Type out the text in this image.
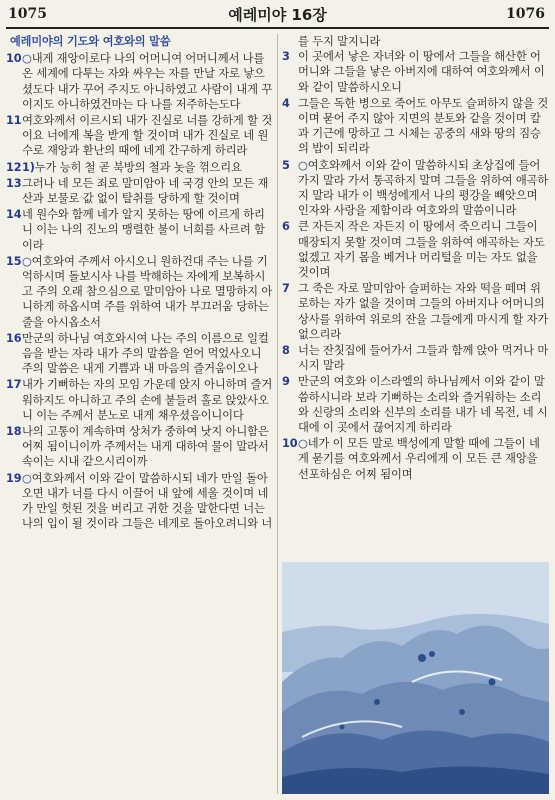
1075	예레미야 16장	1076
예레미야의 기도와 여호와의 말씀
10 ○내게 재앙이로다 나의 어머니여 어머니께서 나를 온 세계에 다투는 자와 싸우는 자를 만날 자로 낳으셨도다 내가 꾸어 주지도 아니하였고 사람이 내게 꾸이지도 아니하였건마는 다 나를 저주하는도다
11 여호와께서 이르시되 내가 진실로 너를 강하게 할 것이요 너에게 복을 받게 할 것이며 내가 진실로 네 원수로 재앙과 환난의 때에 네게 간구하게 하리라
12 1)누가 능히 철 곧 북방의 철과 놋을 꺾으리요
13 그러나 네 모든 죄로 말미암아 네 국경 안의 모든 재산과 보물로 값 없이 탈취를 당하게 할 것이며
14 네 원수와 함께 네가 알지 못하는 땅에 이르게 하리니 이는 나의 진노의 맹렬한 불이 너희를 사르려 함이라
15 ○여호와여 주께서 아시오니 원하건대 주는 나를 기억하시며 돌보시사 나를 박해하는 자에게 보복하시고 주의 오래 참으심으로 말미암아 나로 멸망하지 아니하게 하옵시며 주를 위하여 내가 부끄러움 당하는 줄을 아시옵소서
16 만군의 하나님 여호와시여 나는 주의 이름으로 일컬음을 받는 자라 내가 주의 말씀을 얻어 먹었사오니 주의 말씀은 내게 기쁨과 내 마음의 즐거움이오나
17 내가 기뻐하는 자의 모임 가운데 앉지 아니하며 즐거워하지도 아니하고 주의 손에 붙들려 홀로 앉았사오니 이는 주께서 분노로 내게 채우셨음이니이다
18 나의 고통이 계속하며 상처가 중하여 낫지 아니함은 어찌 됨이니이까 주께서는 내게 대하여 물이 말라서 속이는 시내 같으시리이까
19 ○여호와께서 이와 같이 말씀하시되 네가 만일 돌아오면 내가 너를 다시 이끌어 내 앞에 세울 것이며 네가 만일 헛된 것을 버리고 귀한 것을 말한다면 너는 나의 입이 될 것이라 그들은 네게로 돌아오려니와 너
를 두지 말지니라
3 이 곳에서 낳은 자녀와 이 땅에서 그들을 해산한 어머니와 그들을 낳은 아버지에 대하여 여호와께서 이와 같이 말씀하시오니
4 그들은 독한 병으로 죽어도 아무도 슬퍼하지 않을 것이며 묻어 주지 않아 지면의 분토와 같을 것이며 칼과 기근에 망하고 그 시체는 공중의 새와 땅의 짐승의 밥이 되리라
5 ○여호와께서 이와 같이 말씀하시되 초상집에 들어가지 말라 가서 통곡하지 말며 그들을 위하여 애곡하지 말라 내가 이 백성에게서 나의 평강을 빼앗으며 인자와 사랑을 제함이라 여호와의 말씀이니라
6 큰 자든지 작은 자든지 이 땅에서 죽으리니 그들이 매장되지 못할 것이며 그들을 위하여 애곡하는 자도 없겠고 자기 몸을 베거나 머리털을 미는 자도 없을 것이며
7 그 죽은 자로 말미암아 슬퍼하는 자와 떡을 떼며 위로하는 자가 없을 것이며 그들의 아버지나 어머니의 상사를 위하여 위로의 잔을 그들에게 마시게 할 자가 없으리라
8 너는 잔칫집에 들어가서 그들과 함께 앉아 먹거나 마시지 말라
9 만군의 여호와 이스라엘의 하나님께서 이와 같이 말씀하시니라 보라 기뻐하는 소리와 즐거워하는 소리와 신랑의 소리와 신부의 소리를 내가 네 목전, 네 시대에 이 곳에서 끊어지게 하리라
10 ○네가 이 모든 말로 백성에게 말할 때에 그들이 네게 묻기를 여호와께서 우리에게 이 모든 큰 재앙을 선포하심은 어찌 됨이며
